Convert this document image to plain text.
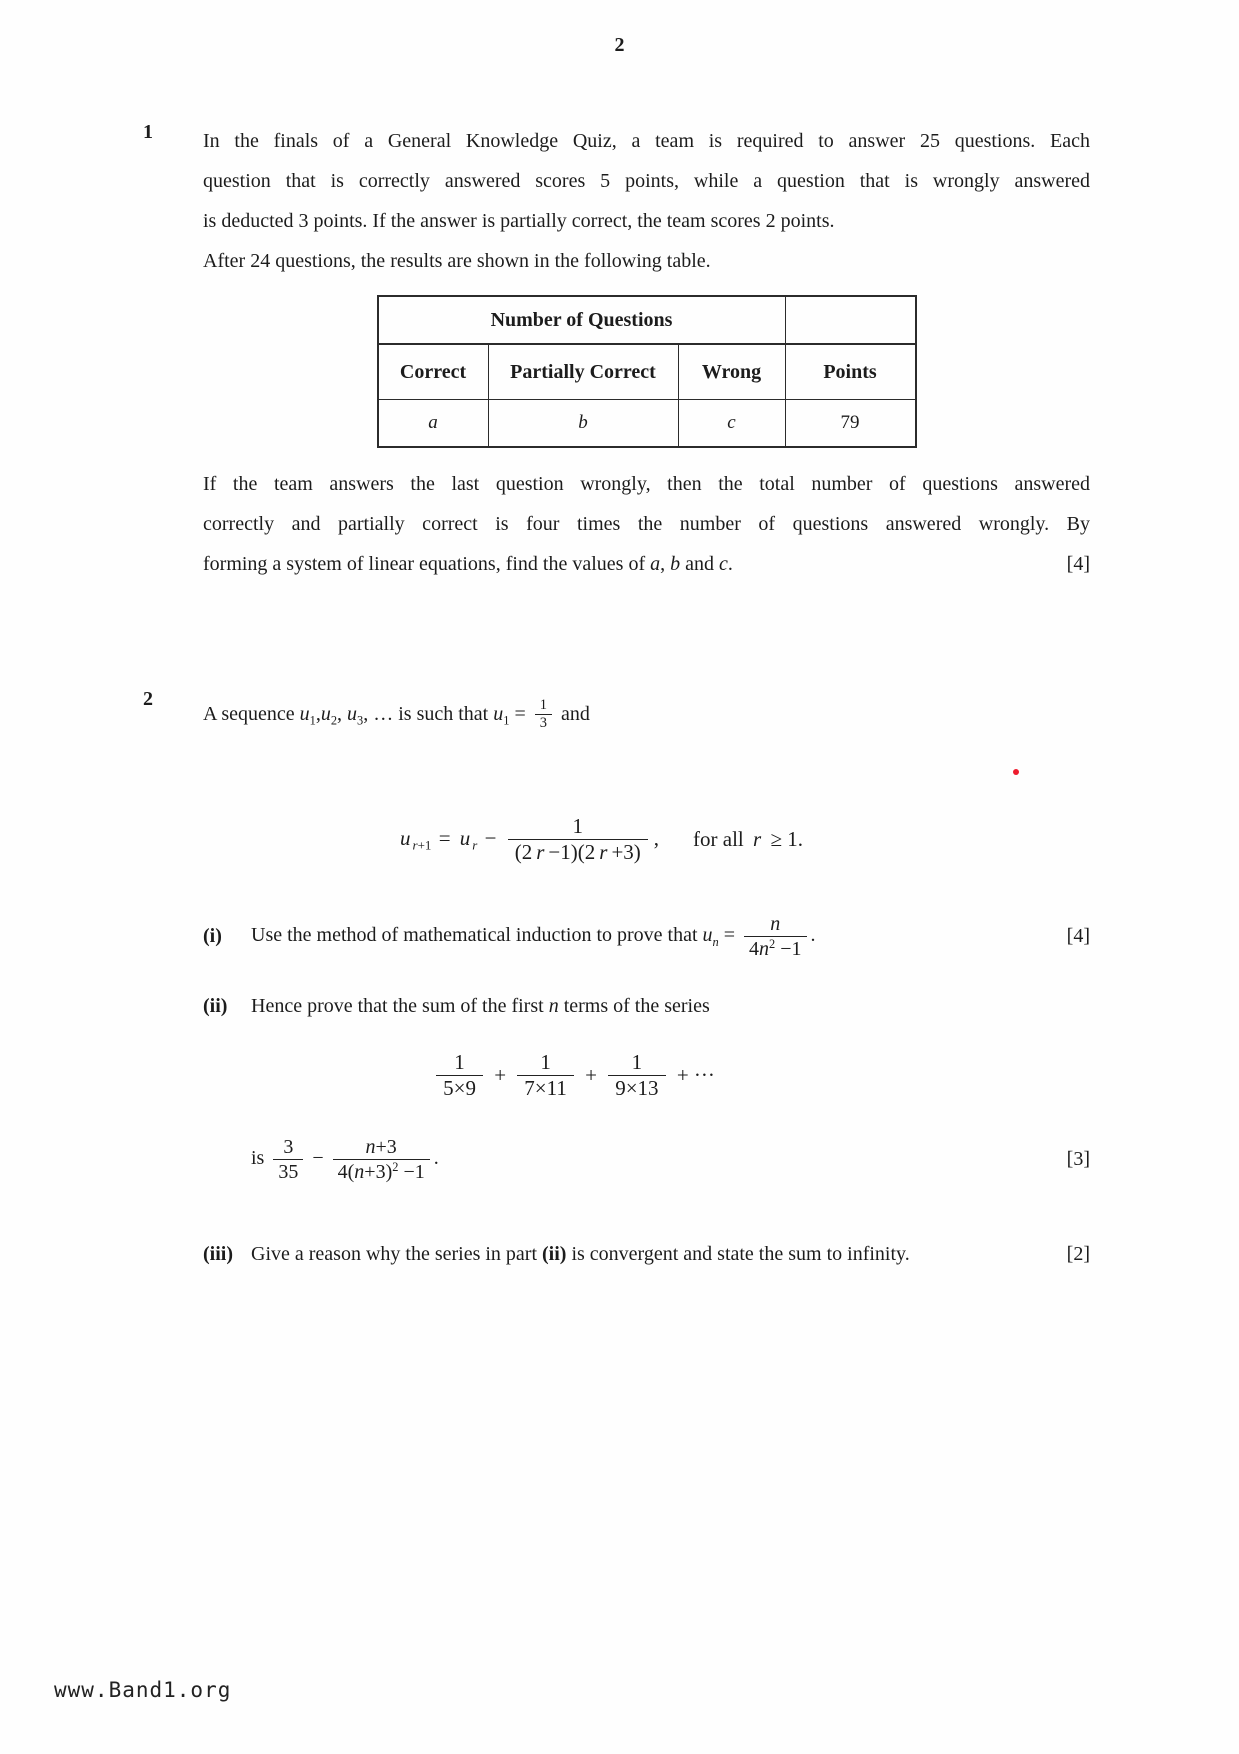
2
1	In the finals of a General Knowledge Quiz, a team is required to answer 25 questions. Each
question that is correctly answered scores 5 points, while a question that is wrongly answered
is deducted 3 points. If the answer is partially correct, the team scores 2 points.
After 24 questions, the results are shown in the following table.
Number of Questions			
Correct	Partially Correct	Wrong	Points
a	b	c	79
If the team answers the last question wrongly, then the total number of questions answered
correctly and partially correct is four times the number of questions answered wrongly. By
forming a system of linear equations, find the values of a, b and c.	[4]
2
A sequence $u_1,u_2$, $u_3$, … is such that $u_1 = \frac{1}{3}$ and
u $_{r+1}$ = u $_r - \frac{1}{(2 r -1)(2 r +3)}$ , for all r ≥ 1.
(i)	Use the method of mathematical induction to prove that $u_n = \frac{n}{4n^2 -1}$ .	[4]
(ii)	Hence prove that the sum of the first n terms of the series
$\frac{1}{5\times 9} + \frac{1}{7\times 11} + \frac{1}{9\times 13}$ + ···
is $\frac{3}{35} - \frac{n+3}{4(n+3)^2 -1}$ .	[3]
(iii) Give a reason why the series in part (ii) is convergent and state the sum to infinity.	[2]
www.Band1.org
